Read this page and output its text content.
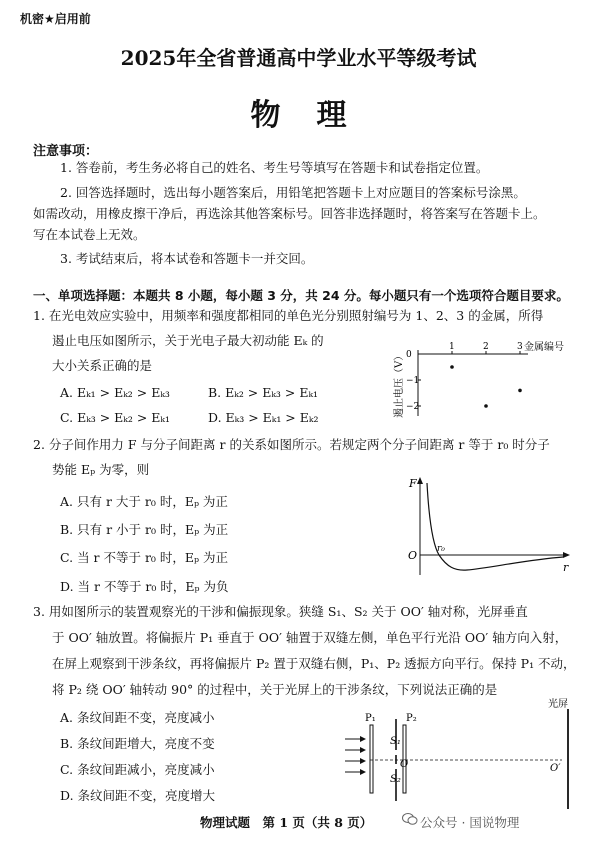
机密★启用前
2025年全省普通高中学业水平等级考试
物理
注意事项：
1. 答卷前，考生务必将自己的姓名、考生号等填写在答题卡和试卷指定位置。
2. 回答选择题时，选出每小题答案后，用铅笔把答题卡上对应题目的答案标号涂黑。
如需改动，用橡皮擦干净后，再选涂其他答案标号。回答非选择题时，将答案写在答题卡上。
写在本试卷上无效。
3. 考试结束后，将本试卷和答题卡一并交回。
一、单项选择题：本题共 8 小题，每小题 3 分，共 24 分。每小题只有一个选项符合题目要求。
1. 在光电效应实验中，用频率和强度都相同的单色光分别照射编号为 1、2、3 的金属，所得
遏止电压如图所示，关于光电子最大初动能 Eₖ 的
大小关系正确的是
A. Eₖ₁ > Eₖ₂ > Eₖ₃	B. Eₖ₂ > Eₖ₃ > Eₖ₁
C. Eₖ₃ > Eₖ₂ > Eₖ₁	D. Eₖ₃ > Eₖ₁ > Eₖ₂
1	2	3
0
−1
−2
遏止电压（V）
金属编号
2. 分子间作用力 F 与分子间距离 r 的关系如图所示。若规定两个分子间距离 r 等于 r₀ 时分子
势能 Eₚ 为零，则
A. 只有 r 大于 r₀ 时，Eₚ 为正
B. 只有 r 小于 r₀ 时，Eₚ 为正
C. 当 r 不等于 r₀ 时，Eₚ 为正
D. 当 r 不等于 r₀ 时，Eₚ 为负
F
O r₀
r
3. 用如图所示的装置观察光的干涉和偏振现象。狭缝 S₁、S₂ 关于 OO′ 轴对称，光屏垂直
于 OO′ 轴放置。将偏振片 P₁ 垂直于 OO′ 轴置于双缝左侧，单色平行光沿 OO′ 轴方向入射，
在屏上观察到干涉条纹，再将偏振片 P₂ 置于双缝右侧，P₁、P₂ 透振方向平行。保持 P₁ 不动，
将 P₂ 绕 OO′ 轴转动 90° 的过程中，关于光屏上的干涉条纹，下列说法正确的是
A. 条纹间距不变，亮度减小
B. 条纹间距增大，亮度不变
C. 条纹间距减小，亮度减小
D. 条纹间距不变，亮度增大
P₁	P₂
S₁
S₂
O	O′
光屏
物理试题　第 1 页（共 8 页）	公众号 · 国说物理
